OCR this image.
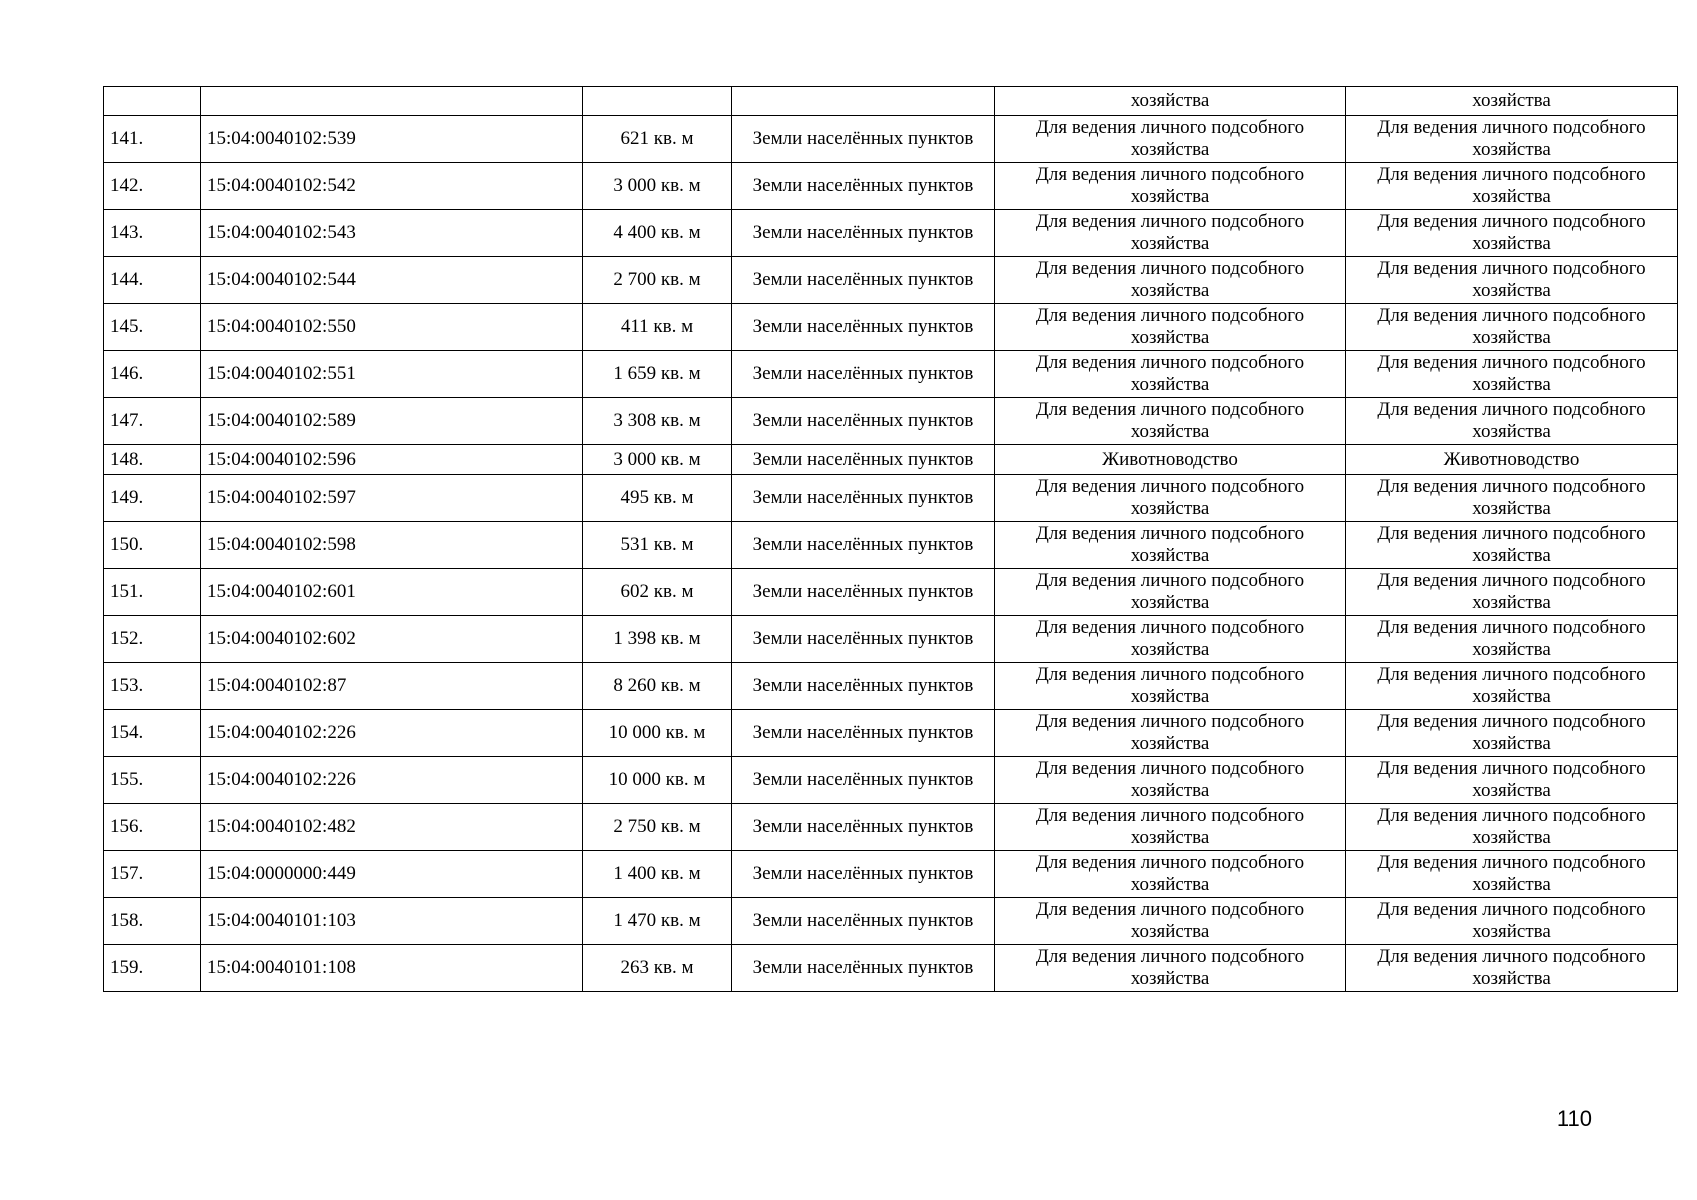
				хозяйства	хозяйства
141.	15:04:0040102:539	621 кв. м	Земли населённых пунктов	Для ведения личного подсобного хозяйства	Для ведения личного подсобного хозяйства
142.	15:04:0040102:542	3 000 кв. м	Земли населённых пунктов	Для ведения личного подсобного хозяйства	Для ведения личного подсобного хозяйства
143.	15:04:0040102:543	4 400 кв. м	Земли населённых пунктов	Для ведения личного подсобного хозяйства	Для ведения личного подсобного хозяйства
144.	15:04:0040102:544	2 700 кв. м	Земли населённых пунктов	Для ведения личного подсобного хозяйства	Для ведения личного подсобного хозяйства
145.	15:04:0040102:550	411 кв. м	Земли населённых пунктов	Для ведения личного подсобного хозяйства	Для ведения личного подсобного хозяйства
146.	15:04:0040102:551	1 659 кв. м	Земли населённых пунктов	Для ведения личного подсобного хозяйства	Для ведения личного подсобного хозяйства
147.	15:04:0040102:589	3 308 кв. м	Земли населённых пунктов	Для ведения личного подсобного хозяйства	Для ведения личного подсобного хозяйства
148.	15:04:0040102:596	3 000 кв. м	Земли населённых пунктов	Животноводство	Животноводство
149.	15:04:0040102:597	495 кв. м	Земли населённых пунктов	Для ведения личного подсобного хозяйства	Для ведения личного подсобного хозяйства
150.	15:04:0040102:598	531 кв. м	Земли населённых пунктов	Для ведения личного подсобного хозяйства	Для ведения личного подсобного хозяйства
151.	15:04:0040102:601	602 кв. м	Земли населённых пунктов	Для ведения личного подсобного хозяйства	Для ведения личного подсобного хозяйства
152.	15:04:0040102:602	1 398 кв. м	Земли населённых пунктов	Для ведения личного подсобного хозяйства	Для ведения личного подсобного хозяйства
153.	15:04:0040102:87	8 260 кв. м	Земли населённых пунктов	Для ведения личного подсобного хозяйства	Для ведения личного подсобного хозяйства
154.	15:04:0040102:226	10 000 кв. м	Земли населённых пунктов	Для ведения личного подсобного хозяйства	Для ведения личного подсобного хозяйства
155.	15:04:0040102:226	10 000 кв. м	Земли населённых пунктов	Для ведения личного подсобного хозяйства	Для ведения личного подсобного хозяйства
156.	15:04:0040102:482	2 750 кв. м	Земли населённых пунктов	Для ведения личного подсобного хозяйства	Для ведения личного подсобного хозяйства
157.	15:04:0000000:449	1 400 кв. м	Земли населённых пунктов	Для ведения личного подсобного хозяйства	Для ведения личного подсобного хозяйства
158.	15:04:0040101:103	1 470 кв. м	Земли населённых пунктов	Для ведения личного подсобного хозяйства	Для ведения личного подсобного хозяйства
159.	15:04:0040101:108	263 кв. м	Земли населённых пунктов	Для ведения личного подсобного хозяйства	Для ведения личного подсобного хозяйства
110
